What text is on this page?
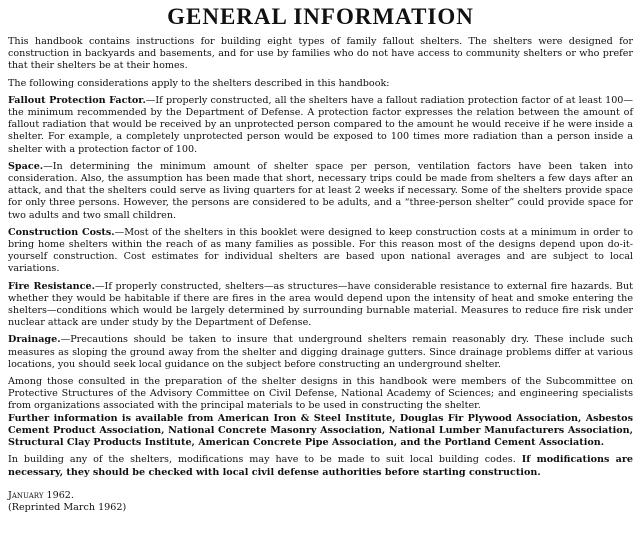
GENERAL INFORMATION

This handbook contains instructions for building eight types of family fallout shelters. The shelters were designed for construction in backyards and basements, and for use by families who do not have access to community shelters or who prefer that their shelters be at their homes.

The following considerations apply to the shelters described in this handbook:

Fallout Protection Factor.—If properly constructed, all the shelters have a fallout radiation protection factor of at least 100—the minimum recommended by the Department of Defense. A protection factor expresses the relation between the amount of fallout radiation that would be received by an unprotected person compared to the amount he would receive if he were inside a shelter. For example, a completely unprotected person would be exposed to 100 times more radiation than a person inside a shelter with a protection factor of 100.

Space.—In determining the minimum amount of shelter space per person, ventilation factors have been taken into consideration. Also, the assumption has been made that short, necessary trips could be made from shelters a few days after an attack, and that the shelters could serve as living quarters for at least 2 weeks if necessary. Some of the shelters provide space for only three persons. However, the persons are considered to be adults, and a “three-person shelter” could provide space for two adults and two small children.

Construction Costs.—Most of the shelters in this booklet were designed to keep construction costs at a minimum in order to bring home shelters within the reach of as many families as possible. For this reason most of the designs depend upon do-it-yourself construction. Cost estimates for individual shelters are based upon national averages and are subject to local variations.

Fire Resistance.—If properly constructed, shelters—as structures—have considerable resistance to external fire hazards. But whether they would be habitable if there are fires in the area would depend upon the intensity of heat and smoke entering the shelters—conditions which would be largely determined by surrounding burnable material. Measures to reduce fire risk under nuclear attack are under study by the Department of Defense.

Drainage.—Precautions should be taken to insure that underground shelters remain reasonably dry. These include such measures as sloping the ground away from the shelter and digging drainage gutters. Since drainage problems differ at various locations, you should seek local guidance on the subject before constructing an underground shelter.

Among those consulted in the preparation of the shelter designs in this handbook were members of the Subcommittee on Protective Structures of the Advisory Committee on Civil Defense, National Academy of Sciences; and engineering specialists from organizations associated with the principal materials to be used in constructing the shelter.

Further information is available from American Iron & Steel Institute, Douglas Fir Plywood Association, Asbestos Cement Product Association, National Concrete Masonry Association, National Lumber Manufacturers Association, Structural Clay Products Institute, American Concrete Pipe Association, and the Portland Cement Association.

In building any of the shelters, modifications may have to be made to suit local building codes. If modifications are necessary, they should be checked with local civil defense authorities before starting construction.

January 1962.
(Reprinted March 1962)
